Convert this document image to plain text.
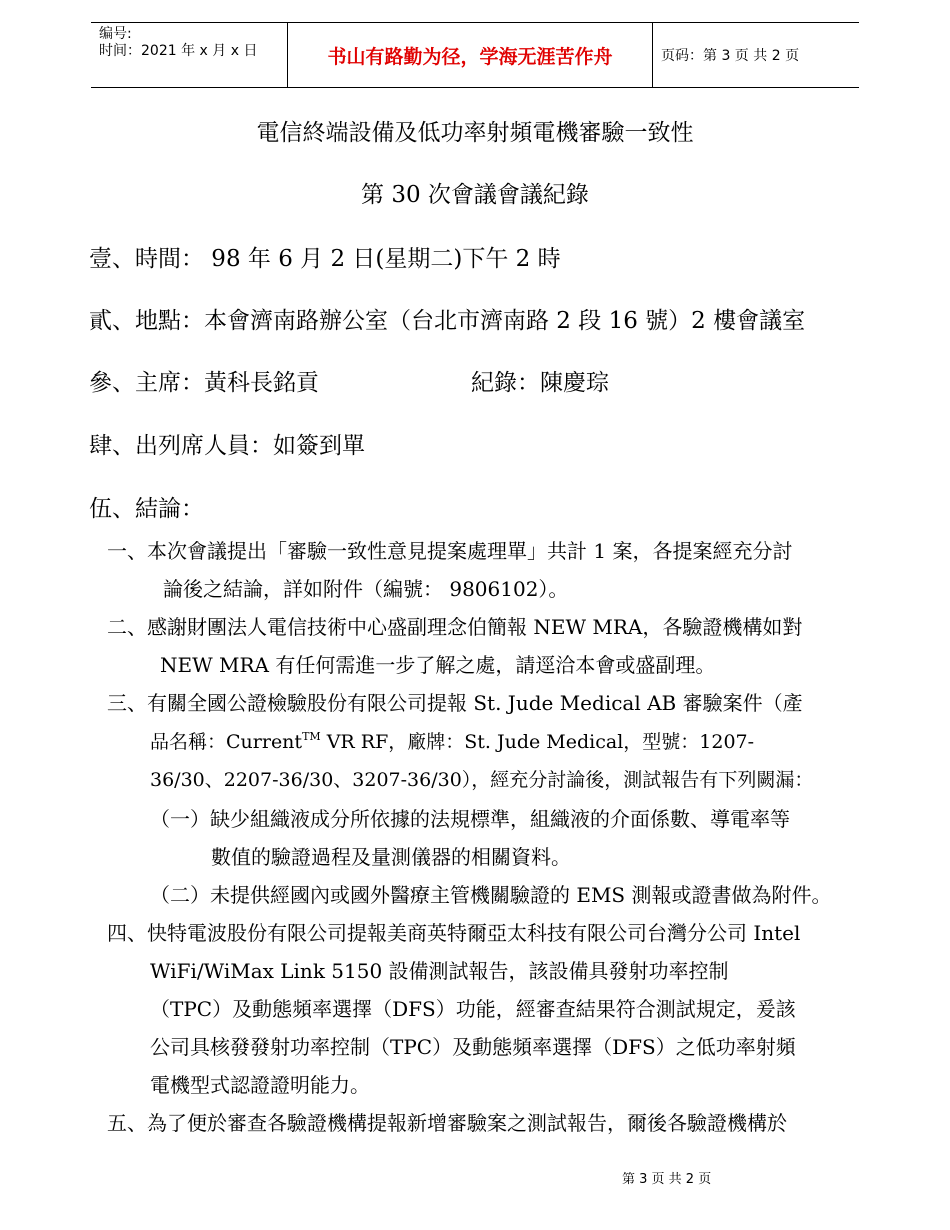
编号:
时间：2021 年 x 月 x 日	书山有路勤为径，学海无涯苦作舟	页码：第 3 页 共 2 页
電信終端設備及低功率射頻電機審驗一致性
第 30 次會議會議紀錄
壹、時間： 98 年 6 月 2 日(星期二)下午 2 時
貳、地點：本會濟南路辦公室（台北市濟南路 2 段 16 號）2 樓會議室
參、主席：黃科長銘貢	紀錄：陳慶琮
肆、出列席人員：如簽到單
伍、結論：
一、本次會議提出「審驗一致性意見提案處理單」共計 1 案，各提案經充分討
論後之結論，詳如附件（編號： 9806102）。
二、感謝財團法人電信技術中心盛副理念伯簡報 NEW MRA，各驗證機構如對
NEW MRA 有任何需進一步了解之處，請逕洽本會或盛副理。
三、有關全國公證檢驗股份有限公司提報 St. Jude Medical AB 審驗案件（產
品名稱：Current™ VR RF，廠牌：St. Jude Medical，型號：1207-
36/30、2207-36/30、3207-36/30），經充分討論後，測試報告有下列闕漏：
（一）缺少組織液成分所依據的法規標準，組織液的介面係數、導電率等
數值的驗證過程及量測儀器的相關資料。
（二）未提供經國內或國外醫療主管機關驗證的 EMS 測報或證書做為附件。
四、快特電波股份有限公司提報美商英特爾亞太科技有限公司台灣分公司 Intel
WiFi/WiMax Link 5150 設備測試報告，該設備具發射功率控制
（TPC）及動態頻率選擇（DFS）功能，經審查結果符合測試規定，爰該
公司具核發發射功率控制（TPC）及動態頻率選擇（DFS）之低功率射頻
電機型式認證證明能力。
五、為了便於審查各驗證機構提報新增審驗案之測試報告，爾後各驗證機構於
第 3 页 共 2 页
